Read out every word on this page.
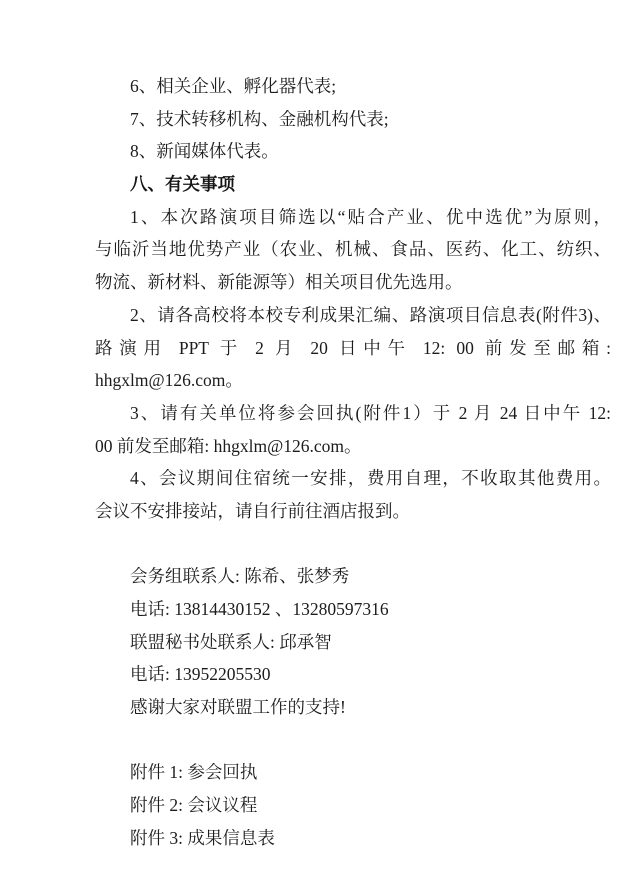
6、相关企业、孵化器代表;
7、技术转移机构、金融机构代表;
8、新闻媒体代表。
八、有关事项
1、本次路演项目筛选以“贴合产业、优中选优”为原则，
与临沂当地优势产业（农业、机械、食品、医药、化工、纺织、
物流、新材料、新能源等）相关项目优先选用。
2、请各高校将本校专利成果汇编、路演项目信息表(附件3)、
路演用 PPT 于 2 月 20 日中午 12: 00 前发至邮箱:
hhgxlm@126.com。
3、请有关单位将参会回执(附件1）于 2 月 24 日中午 12:
00 前发至邮箱: hhgxlm@126.com。
4、会议期间住宿统一安排，费用自理，不收取其他费用。
会议不安排接站，请自行前往酒店报到。
会务组联系人: 陈希、张梦秀
电话: 13814430152 、13280597316
联盟秘书处联系人: 邱承智
电话: 13952205530
感谢大家对联盟工作的支持!
附件 1: 参会回执
附件 2: 会议议程
附件 3: 成果信息表
